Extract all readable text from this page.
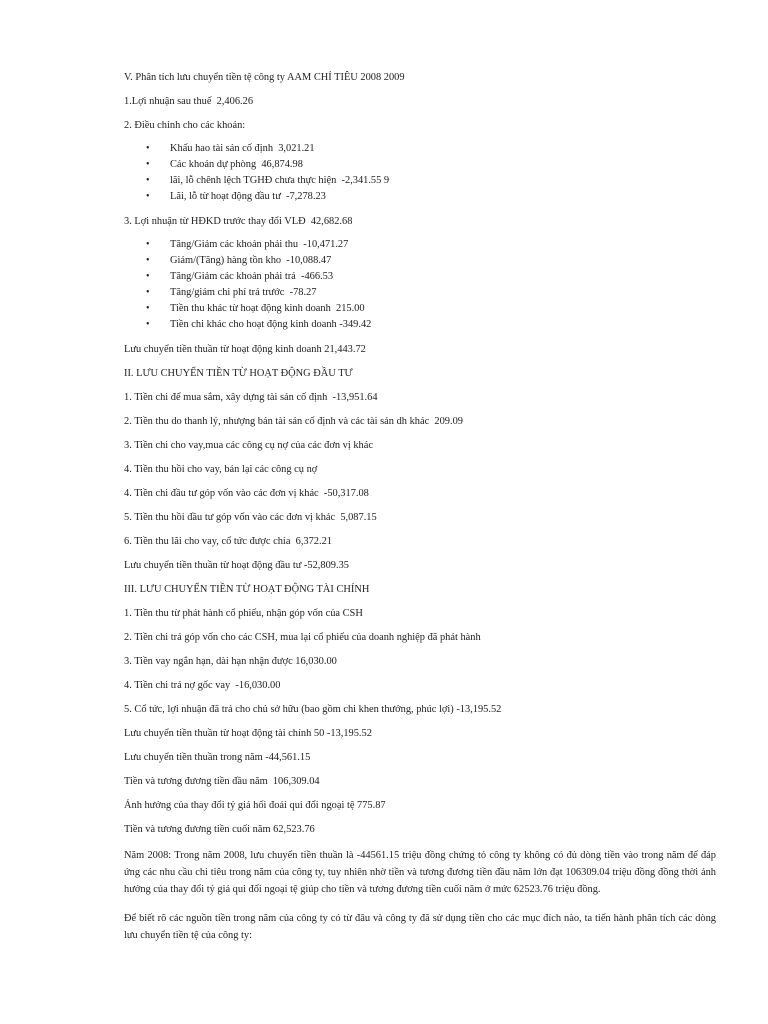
V. Phân tích lưu chuyển tiền tệ công ty AAM CHỈ TIÊU 2008 2009

1.Lợi nhuận sau thuế  2,406.26

2. Điều chỉnh cho các khoản:

• Khấu hao tài sản cố định  3,021.21
• Các khoản dự phòng  46,874.98
• lãi, lỗ chênh lệch TGHĐ chưa thực hiện  -2,341.55 9
• Lãi, lỗ từ hoạt động đầu tư  -7,278.23

3. Lợi nhuận từ HĐKD trước thay đổi VLĐ  42,682.68

• Tăng/Giảm các khoản phải thu  -10,471.27
• Giảm/(Tăng) hàng tồn kho  -10,088.47
• Tăng/Giảm các khoản phải trả  -466.53
• Tăng/giảm chi phí trả trước  -78.27
• Tiền thu khác từ hoạt động kinh doanh  215.00
• Tiền chi khác cho hoạt động kinh doanh -349.42

Lưu chuyển tiền thuần từ hoạt động kinh doanh 21,443.72

II. LƯU CHUYỂN TIỀN TỪ HOẠT ĐỘNG ĐẦU TƯ

1. Tiền chi để mua sắm, xây dựng tài sản cố định  -13,951.64

2. Tiền thu do thanh lý, nhượng bán tài sản cố định và các tài sản dh khác  209.09

3. Tiền chi cho vay,mua các công cụ nợ của các đơn vị khác

4. Tiền thu hồi cho vay, bán lại các công cụ nợ

4. Tiền chi đầu tư góp vốn vào các đơn vị khác  -50,317.08

5. Tiền thu hồi đầu tư góp vốn vào các đơn vị khác  5,087.15

6. Tiền thu lãi cho vay, cổ tức được chia  6,372.21

Lưu chuyển tiền thuần từ hoạt động đầu tư -52,809.35

III. LƯU CHUYỂN TIỀN TỪ HOẠT ĐỘNG TÀI CHÍNH

1. Tiền thu từ phát hành cổ phiếu, nhận góp vốn của CSH

2. Tiền chi trả góp vốn cho các CSH, mua lại cổ phiếu của doanh nghiệp đã phát hành

3. Tiền vay ngắn hạn, dài hạn nhận được 16,030.00

4. Tiền chi trả nợ gốc vay  -16,030.00

5. Cổ tức, lợi nhuận đã trả cho chủ sở hữu (bao gồm chi khen thưởng, phúc lợi) -13,195.52

Lưu chuyển tiền thuần từ hoạt động tài chính 50 -13,195.52

Lưu chuyển tiền thuần trong năm -44,561.15

Tiền và tương đương tiền đầu năm  106,309.04

Ảnh hưởng của thay đổi tỷ giá hối đoái qui đổi ngoại tệ 775.87

Tiền và tương đương tiền cuối năm 62,523.76

Năm 2008: Trong năm 2008, lưu chuyển tiền thuần là -44561.15 triệu đồng chứng tỏ công ty không có đủ dòng tiền vào trong năm để đáp ứng các nhu cầu chi tiêu trong năm của công ty, tuy nhiên nhờ tiền và tương đương tiền đầu năm lớn đạt 106309.04 triệu đồng đồng thời ảnh hưởng của thay đổi tỷ giá qui đổi ngoại tệ giúp cho tiền và tương đương tiền cuối năm ở mức 62523.76 triệu đồng.

Để biết rõ các nguồn tiền trong năm của công ty có từ đâu và công ty đã sử dụng tiền cho các mục đích nào, ta tiến hành phân tích các dòng lưu chuyển tiền tệ của công ty:
